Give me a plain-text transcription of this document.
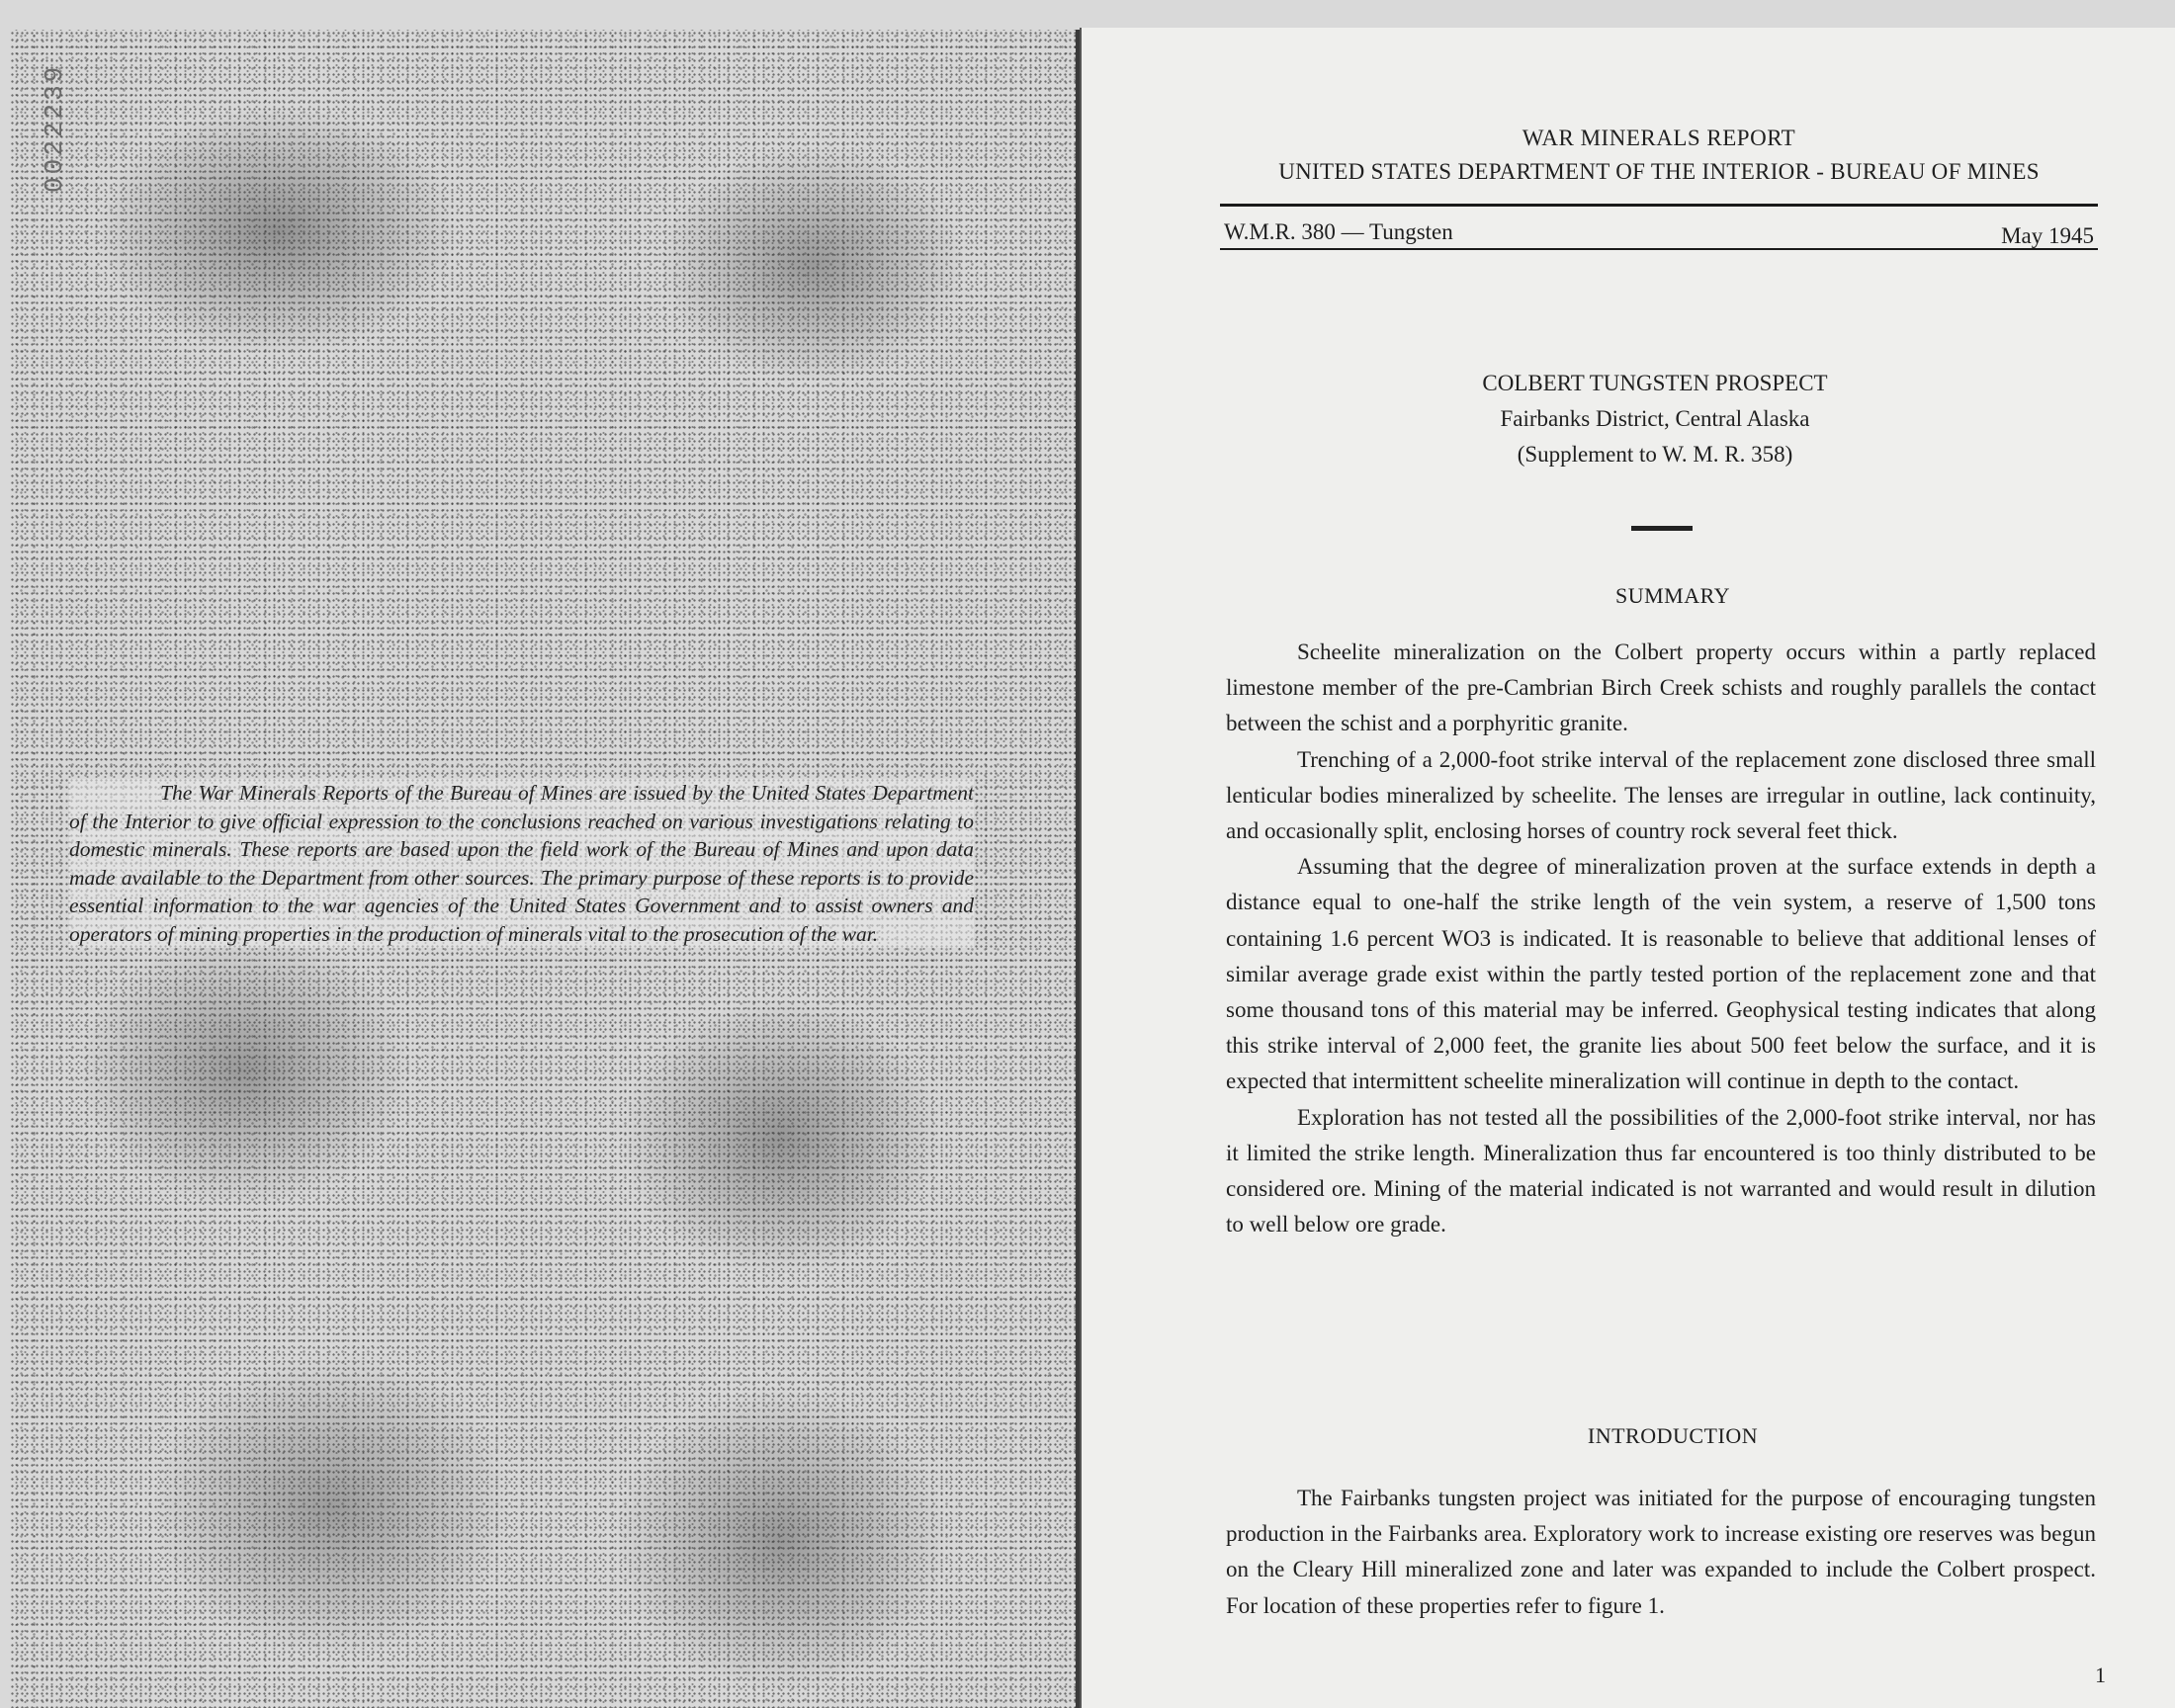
0022239
The War Minerals Reports of the Bureau of Mines are issued by the United States Department of the Interior to give official expression to the conclusions reached on various investigations relating to domestic minerals. These reports are based upon the field work of the Bureau of Mines and upon data made available to the Department from other sources. The primary purpose of these reports is to provide essential information to the war agencies of the United States Government and to assist owners and operators of mining properties in the production of minerals vital to the prosecution of the war.
WAR MINERALS REPORT
UNITED STATES DEPARTMENT OF THE INTERIOR - BUREAU OF MINES
W.M.R. 380 — Tungsten	May 1945
COLBERT TUNGSTEN PROSPECT
Fairbanks District, Central Alaska
(Supplement to W. M. R. 358)
SUMMARY

Scheelite mineralization on the Colbert property occurs within a partly replaced limestone member of the pre-Cambrian Birch Creek schists and roughly parallels the contact between the schist and a porphyritic granite.

Trenching of a 2,000-foot strike interval of the replacement zone disclosed three small lenticular bodies mineralized by scheelite. The lenses are irregular in outline, lack continuity, and occasionally split, enclosing horses of country rock several feet thick.

Assuming that the degree of mineralization proven at the surface extends in depth a distance equal to one-half the strike length of the vein system, a reserve of 1,500 tons containing 1.6 percent WO3 is indicated. It is reasonable to believe that additional lenses of similar average grade exist within the partly tested portion of the replacement zone and that some thousand tons of this material may be inferred. Geophysical testing indicates that along this strike interval of 2,000 feet, the granite lies about 500 feet below the surface, and it is expected that intermittent scheelite mineralization will continue in depth to the contact.

Exploration has not tested all the possibilities of the 2,000-foot strike interval, nor has it limited the strike length. Mineralization thus far encountered is too thinly distributed to be considered ore. Mining of the material indicated is not warranted and would result in dilution to well below ore grade.

INTRODUCTION

The Fairbanks tungsten project was initiated for the purpose of encouraging tungsten production in the Fairbanks area. Exploratory work to increase existing ore reserves was begun on the Cleary Hill mineralized zone and later was expanded to include the Colbert prospect. For location of these properties refer to figure 1.

1
